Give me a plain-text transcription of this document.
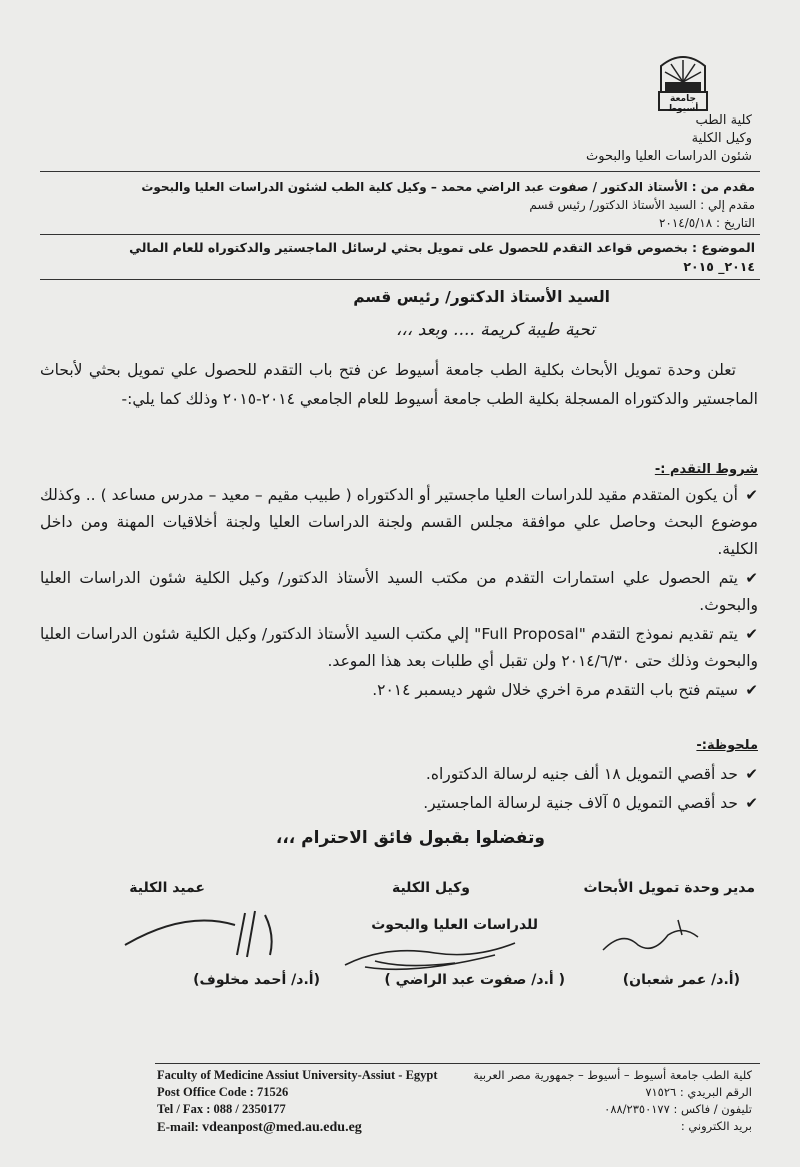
جامعة أسيوط
كلية الطب
وكيل الكلية
شئون الدراسات العليا والبحوث
مقدم من : الأستاذ الدكتور / صفوت عبد الراضي محمد – وكيل كلية الطب لشئون الدراسات العليا والبحوث
مقدم إلي : السيد الأستاذ الدكتور/ رئيس قسم
التاريخ : ٢٠١٤/٥/١٨
الموضوع : بخصوص قواعد التقدم للحصول على تمويل بحثي لرسائل الماجستير والدكتوراه للعام المالي
٢٠١٤_ ٢٠١٥
السيد الأستاذ الدكتور/ رئيس قسم
تحية طيبة كريمة .... وبعد ،،،
تعلن وحدة تمويل الأبحاث بكلية الطب جامعة أسيوط عن فتح باب التقدم للحصول علي تمويل بحثي لأبحاث الماجستير والدكتوراه المسجلة بكلية الطب جامعة أسيوط للعام الجامعي ٢٠١٤-٢٠١٥ وذلك كما يلي:-
شروط التقدم :-
✔أن يكون المتقدم مقيد للدراسات العليا ماجستير أو الدكتوراه ( طبيب مقيم – معيد – مدرس مساعد ) .. وكذلك موضوع البحث وحاصل علي موافقة مجلس القسم ولجنة الدراسات العليا ولجنة أخلاقيات المهنة ومن داخل الكلية.
✔يتم الحصول علي استمارات التقدم من مكتب السيد الأستاذ الدكتور/ وكيل الكلية شئون الدراسات العليا والبحوث.
✔يتم تقديم نموذج التقدم "Full Proposal" إلي مكتب السيد الأستاذ الدكتور/ وكيل الكلية شئون الدراسات العليا والبحوث وذلك حتى ٢٠١٤/٦/٣٠ ولن تقبل أي طلبات بعد هذا الموعد.
✔سيتم فتح باب التقدم مرة اخري خلال شهر ديسمبر ٢٠١٤.
ملحوظة:-
✔حد أقصي التمويل ١٨ ألف جنيه لرسالة الدكتوراه.
✔حد أقصي التمويل ٥ آلاف جنية لرسالة الماجستير.
وتفضلوا بقبول فائق الاحترام ،،،
مدير وحدة تمويل الأبحاث
وكيل الكلية
عميد الكلية
للدراسات العليا والبحوث
(أ.د/ عمر شعبان)
( أ.د/ صفوت عبد الراضي )
(أ.د/ أحمد مخلوف)
Faculty of Medicine Assiut University-Assiut - Egypt
Post Office Code : 71526
Tel / Fax : 088 / 2350177
E-mail: vdeanpost@med.au.edu.eg
كلية الطب جامعة أسيوط – أسيوط – جمهورية مصر العربية
الرقم البريدي : ٧١٥٢٦
تليفون / فاكس : ٠٨٨/٢٣٥٠١٧٧
بريد الكتروني :
